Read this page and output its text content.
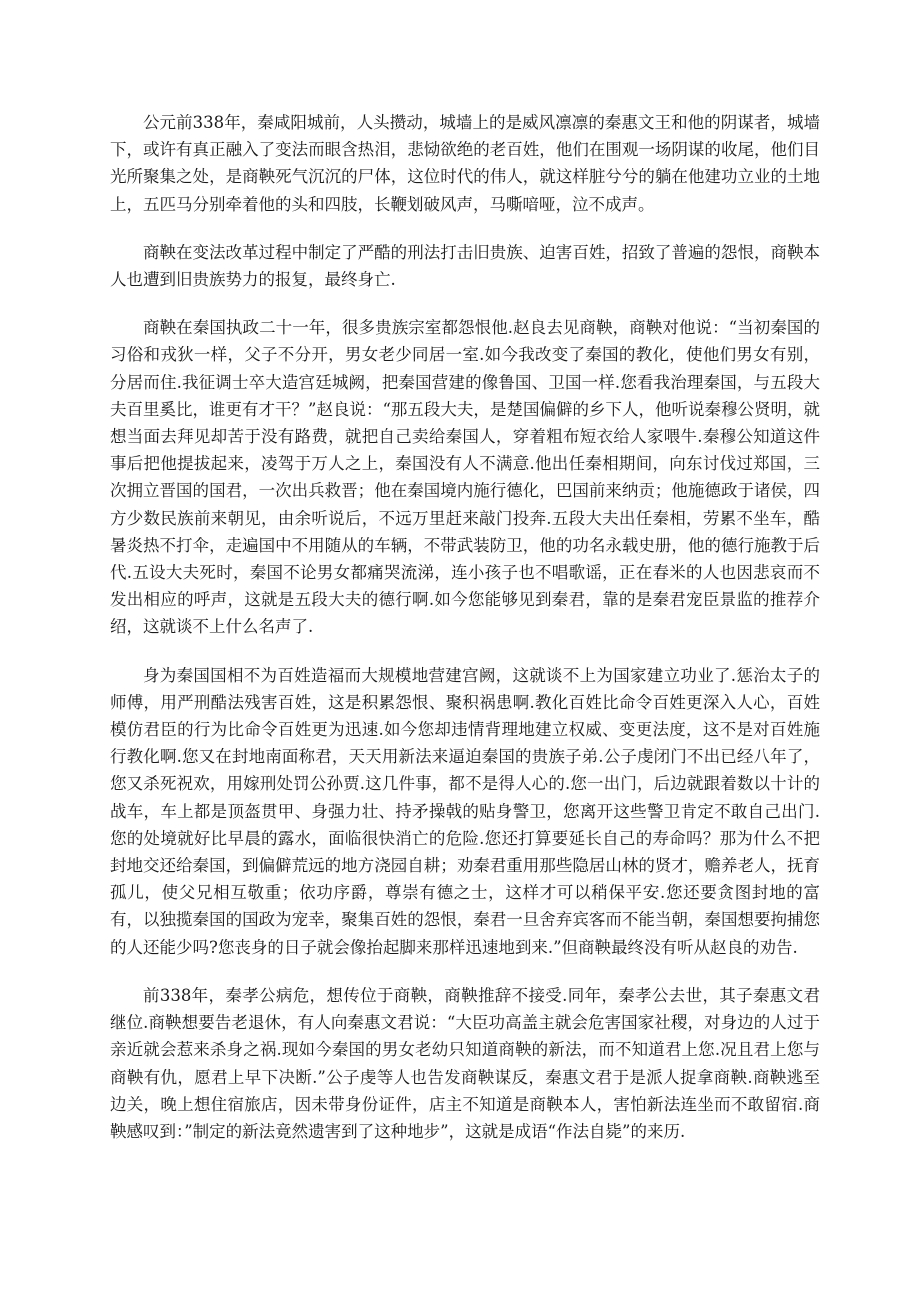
公元前338年，秦咸阳城前，人头攒动，城墙上的是威风凛凛的秦惠文王和他的阴谋者，城墙下，或许有真正融入了变法而眼含热泪，悲恸欲绝的老百姓，他们在围观一场阴谋的收尾，他们目光所聚集之处，是商鞅死气沉沉的尸体，这位时代的伟人，就这样脏兮兮的躺在他建功立业的土地上，五匹马分别牵着他的头和四肢，长鞭划破风声，马嘶喑哑，泣不成声。

商鞅在变法改革过程中制定了严酷的刑法打击旧贵族、迫害百姓，招致了普遍的怨恨，商鞅本人也遭到旧贵族势力的报复，最终身亡.

商鞅在秦国执政二十一年，很多贵族宗室都怨恨他.赵良去见商鞅，商鞅对他说：“当初秦国的习俗和戎狄一样，父子不分开，男女老少同居一室.如今我改变了秦国的教化，使他们男女有别，分居而住.我征调士卒大造宫廷城阙，把秦国营建的像鲁国、卫国一样.您看我治理秦国，与五段大夫百里奚比，谁更有才干？”赵良说：“那五段大夫，是楚国偏僻的乡下人，他听说秦穆公贤明，就想当面去拜见却苦于没有路费，就把自己卖给秦国人，穿着粗布短衣给人家喂牛.秦穆公知道这件事后把他提拔起来，凌驾于万人之上，秦国没有人不满意.他出任秦相期间，向东讨伐过郑国，三次拥立晋国的国君，一次出兵救晋；他在秦国境内施行德化，巴国前来纳贡；他施德政于诸侯，四方少数民族前来朝见，由余听说后，不远万里赶来敲门投奔.五段大夫出任秦相，劳累不坐车，酷暑炎热不打伞，走遍国中不用随从的车辆，不带武装防卫，他的功名永载史册，他的德行施教于后代.五设大夫死时，秦国不论男女都痛哭流涕，连小孩子也不唱歌谣，正在春米的人也因悲哀而不发出相应的呼声，这就是五段大夫的德行啊.如今您能够见到秦君，靠的是秦君宠臣景监的推荐介绍，这就谈不上什么名声了.

身为秦国国相不为百姓造福而大规模地营建宫阙，这就谈不上为国家建立功业了.惩治太子的师傅，用严刑酷法残害百姓，这是积累怨恨、聚积祸患啊.教化百姓比命令百姓更深入人心，百姓模仿君臣的行为比命令百姓更为迅速.如今您却违情背理地建立权威、变更法度，这不是对百姓施行教化啊.您又在封地南面称君，天天用新法来逼迫秦国的贵族子弟.公子虔闭门不出已经八年了，您又杀死祝欢，用嫁刑处罚公孙贾.这几件事，都不是得人心的.您一出门，后边就跟着数以十计的战车，车上都是顶盔贯甲、身强力壮、持矛操戟的贴身警卫，您离开这些警卫肯定不敢自己出门.您的处境就好比早晨的露水，面临很快消亡的危险.您还打算要延长自己的寿命吗？那为什么不把封地交还给秦国，到偏僻荒远的地方浇园自耕；劝秦君重用那些隐居山林的贤才，赡养老人，抚育孤儿，使父兄相互敬重；依功序爵，尊崇有德之士，这样才可以稍保平安.您还要贪图封地的富有，以独揽秦国的国政为宠幸，聚集百姓的怨恨，秦君一旦舍弃宾客而不能当朝，秦国想要拘捕您的人还能少吗?您丧身的日子就会像抬起脚来那样迅速地到来.”但商鞅最终没有听从赵良的劝告.

前338年，秦孝公病危，想传位于商鞅，商鞅推辞不接受.同年，秦孝公去世，其子秦惠文君继位.商鞅想要告老退休，有人向秦惠文君说：“大臣功高盖主就会危害国家社稷，对身边的人过于亲近就会惹来杀身之祸.现如今秦国的男女老幼只知道商鞅的新法，而不知道君上您.况且君上您与商鞅有仇，愿君上早下决断.”公子虔等人也告发商鞅谋反，秦惠文君于是派人捉拿商鞅.商鞅逃至边关，晚上想住宿旅店，因未带身份证件，店主不知道是商鞅本人，害怕新法连坐而不敢留宿.商鞅感叹到：”制定的新法竟然遗害到了这种地步”，这就是成语“作法自毙”的来历.
